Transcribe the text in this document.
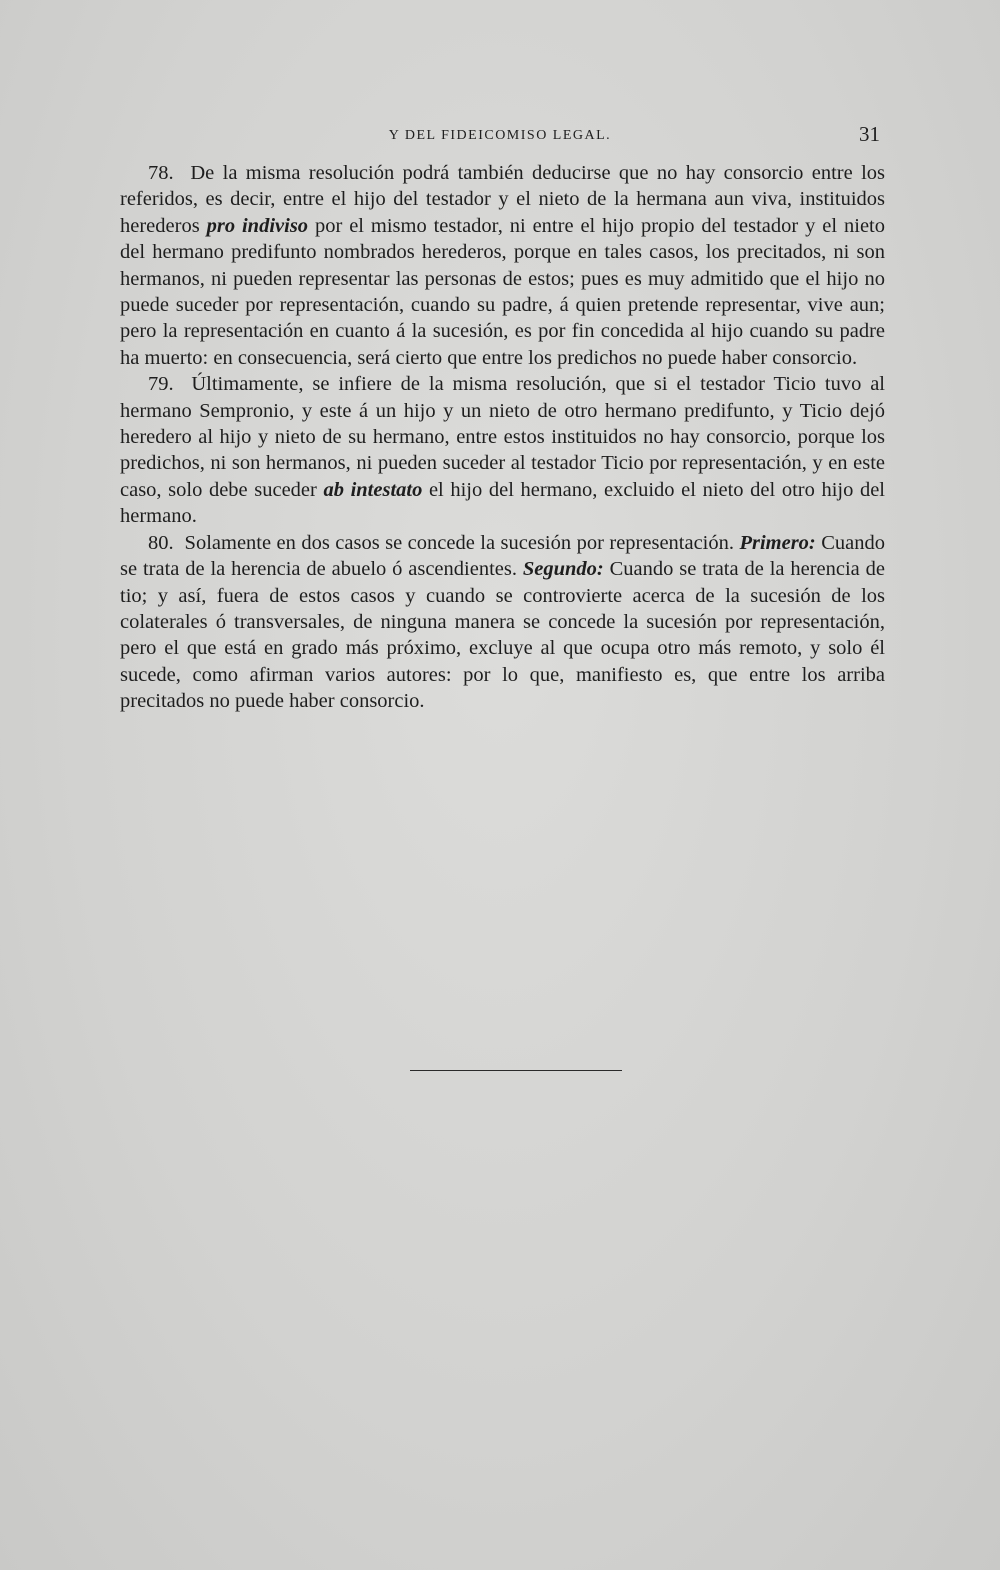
Y DEL FIDEICOMISO LEGAL.	31

78. De la misma resolución podrá también deducirse que no hay consorcio entre los referidos, es decir, entre el hijo del testador y el nieto de la hermana aun viva, instituidos herederos pro indiviso por el mismo testador, ni entre el hijo propio del testador y el nieto del hermano predifunto nombrados herederos, porque en tales casos, los precitados, ni son hermanos, ni pueden representar las personas de estos; pues es muy admitido que el hijo no puede suceder por representación, cuando su padre, á quien pretende representar, vive aun; pero la representación en cuanto á la sucesión, es por fin concedida al hijo cuando su padre ha muerto: en consecuencia, será cierto que entre los predichos no puede haber consorcio.

79. Últimamente, se infiere de la misma resolución, que si el testador Ticio tuvo al hermano Sempronio, y este á un hijo y un nieto de otro hermano predifunto, y Ticio dejó heredero al hijo y nieto de su hermano, entre estos instituidos no hay consorcio, porque los predichos, ni son hermanos, ni pueden suceder al testador Ticio por representación, y en este caso, solo debe suceder ab intestato el hijo del hermano, excluido el nieto del otro hijo del hermano.

80. Solamente en dos casos se concede la sucesión por representación. Primero: Cuando se trata de la herencia de abuelo ó ascendientes. Segundo: Cuando se trata de la herencia de tio; y así, fuera de estos casos y cuando se controvierte acerca de la sucesión de los colaterales ó transversales, de ninguna manera se concede la sucesión por representación, pero el que está en grado más próximo, excluye al que ocupa otro más remoto, y solo él sucede, como afirman varios autores: por lo que, manifiesto es, que entre los arriba precitados no puede haber consorcio.
